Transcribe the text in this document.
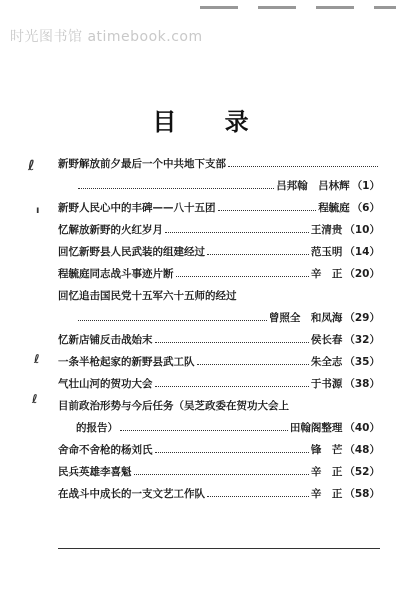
时光图书馆 atimebook.com
目 录
ℓ
ı
ℓ
ℓ
新野解放前夕最后一个中共地下支部
吕邦翰　吕林辉 （1）
新野人民心中的丰碑——八十五团	程毓庭 （6）
忆解放新野的火红岁月	王清贵 （10）
回忆新野县人民武装的组建经过	范玉明 （14）
程毓庭同志战斗事迹片断	辛　正 （20）
回忆追击国民党十五军六十五师的经过
曾照全　和凤海 （29）
忆新店铺反击战始末	侯长春 （32）
一条半枪起家的新野县武工队	朱全志 （35）
气壮山河的贺功大会	于书源 （38）
目前政治形势与今后任务（吴芝政委在贺功大会上
的报告）	田翰阁整理 （40）
舍命不舍枪的杨刘氏	锋　芒 （48）
民兵英雄李喜魁	辛　正 （52）
在战斗中成长的一支文艺工作队	辛　正 （58）
